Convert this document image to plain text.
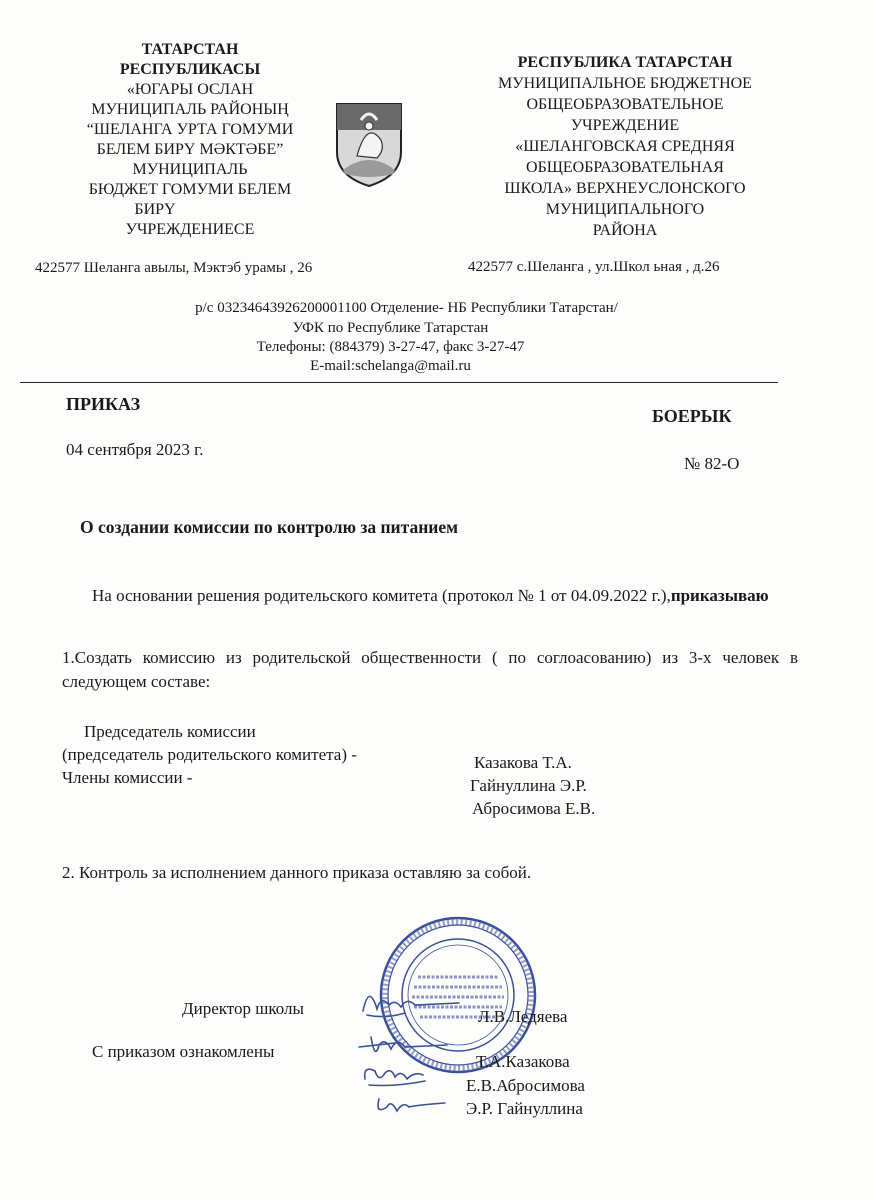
ТАТАРСТАН
РЕСПУБЛИКАСЫ
«ЮГАРЫ ОСЛАН
МУНИЦИПАЛЬ РАЙОНЫҢ
“ШЕЛАНГА УРТА ГОМУМИ
БЕЛЕМ БИРҮ МӘКТӘБЕ”
МУНИЦИПАЛЬ
БЮДЖЕТ ГОМУМИ БЕЛЕМ
БИРҮ
УЧРЕЖДЕНИЕСЕ
422577 Шеланга авылы, Мэктэб урамы , 26
РЕСПУБЛИКА ТАТАРСТАН
МУНИЦИПАЛЬНОЕ БЮДЖЕТНОЕ
ОБЩЕОБРАЗОВАТЕЛЬНОЕ
УЧРЕЖДЕНИЕ
«ШЕЛАНГОВСКАЯ СРЕДНЯЯ
ОБЩЕОБРАЗОВАТЕЛЬНАЯ
ШКОЛА» ВЕРХНЕУСЛОНСКОГО
МУНИЦИПАЛЬНОГО
РАЙОНА
422577 с.Шеланга , ул.Школ ьная , д.26
р/с 03234643926200001100 Отделение- НБ Республики Татарстан/
УФК по Республике Татарстан
Телефоны: (884379) 3-27-47, факс 3-27-47
E-mail:schelanga@mail.ru
ПРИКАЗ
БОЕРЫК
04 сентября 2023 г.
№ 82-О
О создании комиссии по контролю за питанием
На основании решения родительского комитета (протокол № 1 от 04.09.2022 г.),приказываю
1.Создать комиссию из родительской общественности ( по соглоасованию) из 3-х человек в следующем составе:
Председатель комиссии
(председатель родительского комитета) -
Члены комиссии -
Казакова Т.А.
Гайнуллина Э.Р.
Абросимова Е.В.
2. Контроль за исполнением данного приказа оставляю за собой.
Директор школы	Л.В.Ледяева
С приказом ознакомлены
Т.А.Казакова
Е.В.Абросимова
Э.Р. Гайнуллина
